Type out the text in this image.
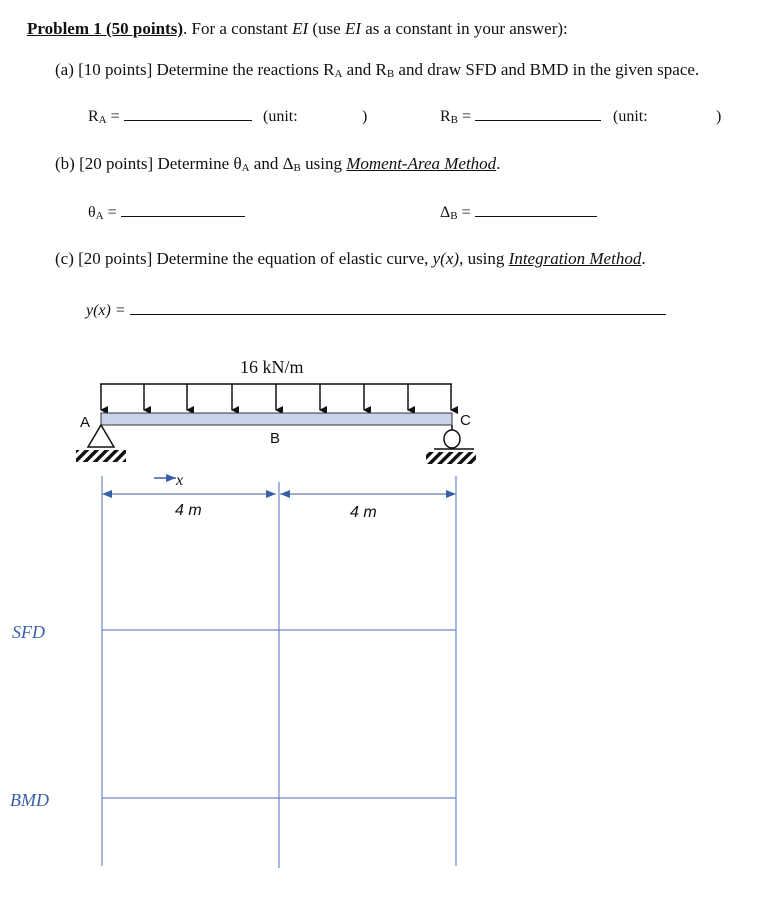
Problem 1 (50 points). For a constant EI (use EI as a constant in your answer):
(a) [10 points] Determine the reactions $R_A$ and $R_B$ and draw SFD and BMD in the given space.
$R_A$ =	(unit:	)	$R_B$ =	(unit:	)
(b) [20 points] Determine $\theta_A$ and $\Delta_B$ using Moment-Area Method.
$\theta_A$ =	$\Delta_B$ =
(c) [20 points] Determine the equation of elastic curve, y(x), using Integration Method.
y(x) =
16 kN/m
A
B
C
x
4 m	4 m
SFD
BMD
